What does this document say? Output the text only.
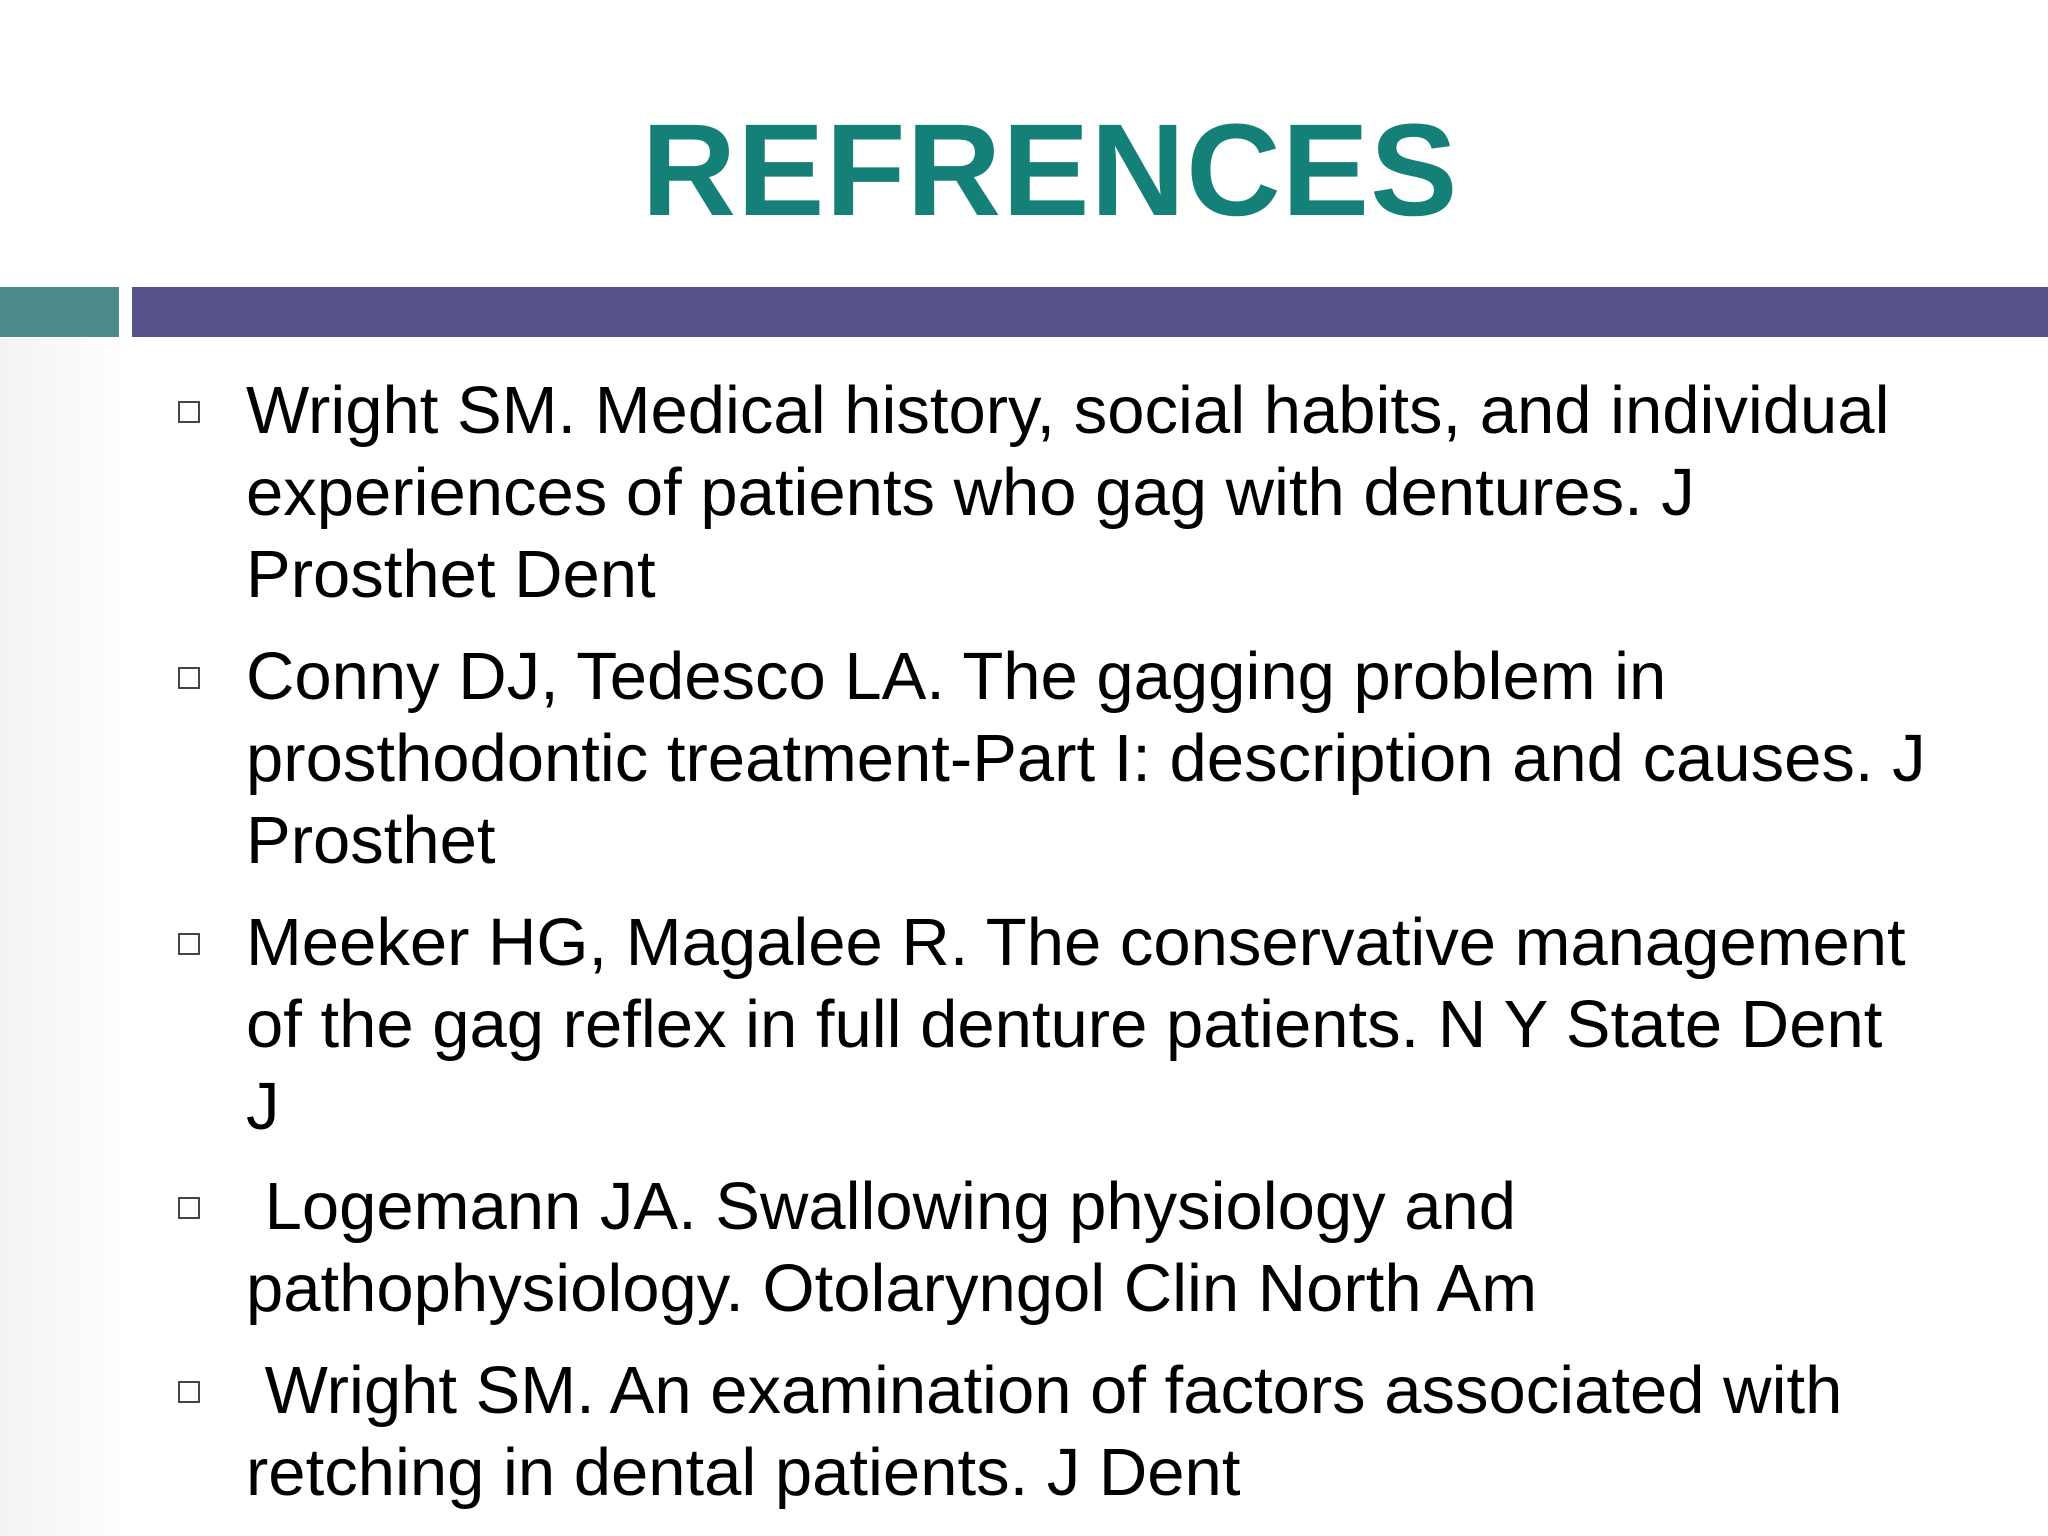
REFRENCES
Wright SM. Medical history, social habits, and individual
experiences of patients who gag with dentures. J
Prosthet Dent
Conny DJ, Tedesco LA. The gagging problem in
prosthodontic treatment-Part I: description and causes. J
Prosthet
Meeker HG, Magalee R. The conservative management
of the gag reflex in full denture patients. N Y State Dent
J
Logemann JA. Swallowing physiology and
pathophysiology. Otolaryngol Clin North Am
Wright SM. An examination of factors associated with
retching in dental patients. J Dent
